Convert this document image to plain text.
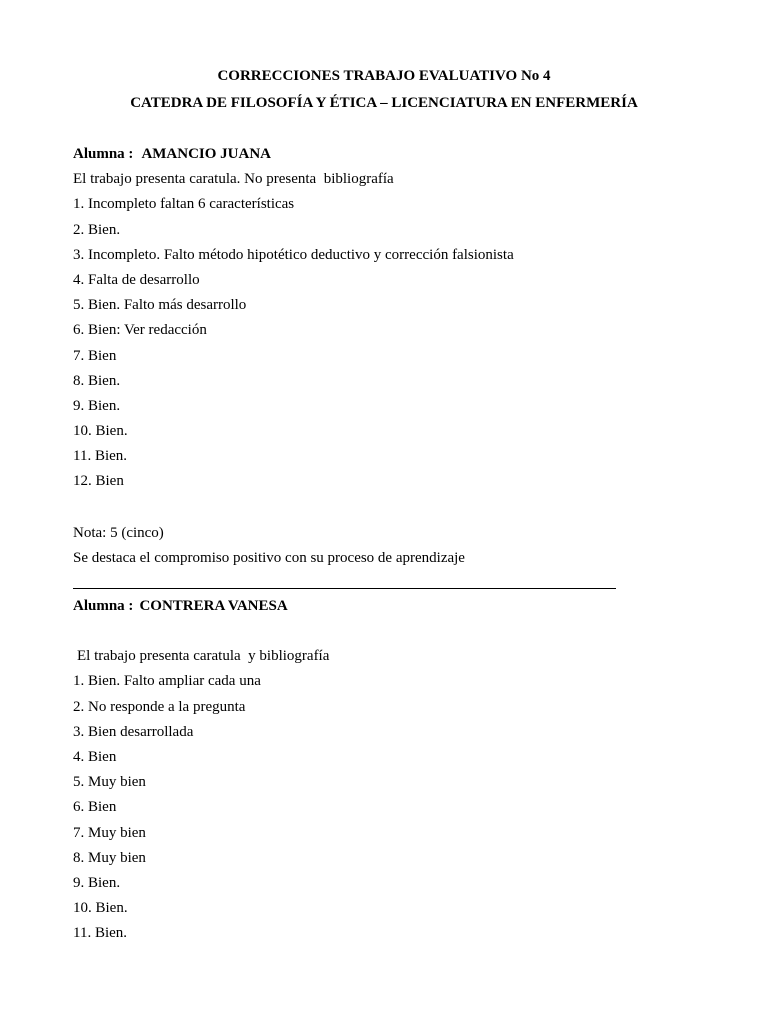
CORRECCIONES TRABAJO EVALUATIVO No 4
CATEDRA DE FILOSOFÍA Y ÉTICA – LICENCIATURA EN ENFERMERÍA
Alumna : AMANCIO JUANA
El trabajo presenta caratula. No presenta  bibliografía
1. Incompleto faltan 6 características
2. Bien.
3. Incompleto. Falto método hipotético deductivo y corrección falsionista
4. Falta de desarrollo
5. Bien. Falto más desarrollo
6. Bien: Ver redacción
7. Bien
8. Bien.
9. Bien.
10. Bien.
11. Bien.
12. Bien
Nota: 5 (cinco)
Se destaca el compromiso positivo con su proceso de aprendizaje
Alumna : CONTRERA VANESA
El trabajo presenta caratula  y bibliografía
1. Bien. Falto ampliar cada una
2. No responde a la pregunta
3. Bien desarrollada
4. Bien
5. Muy bien
6. Bien
7. Muy bien
8. Muy bien
9. Bien.
10. Bien.
11. Bien.
